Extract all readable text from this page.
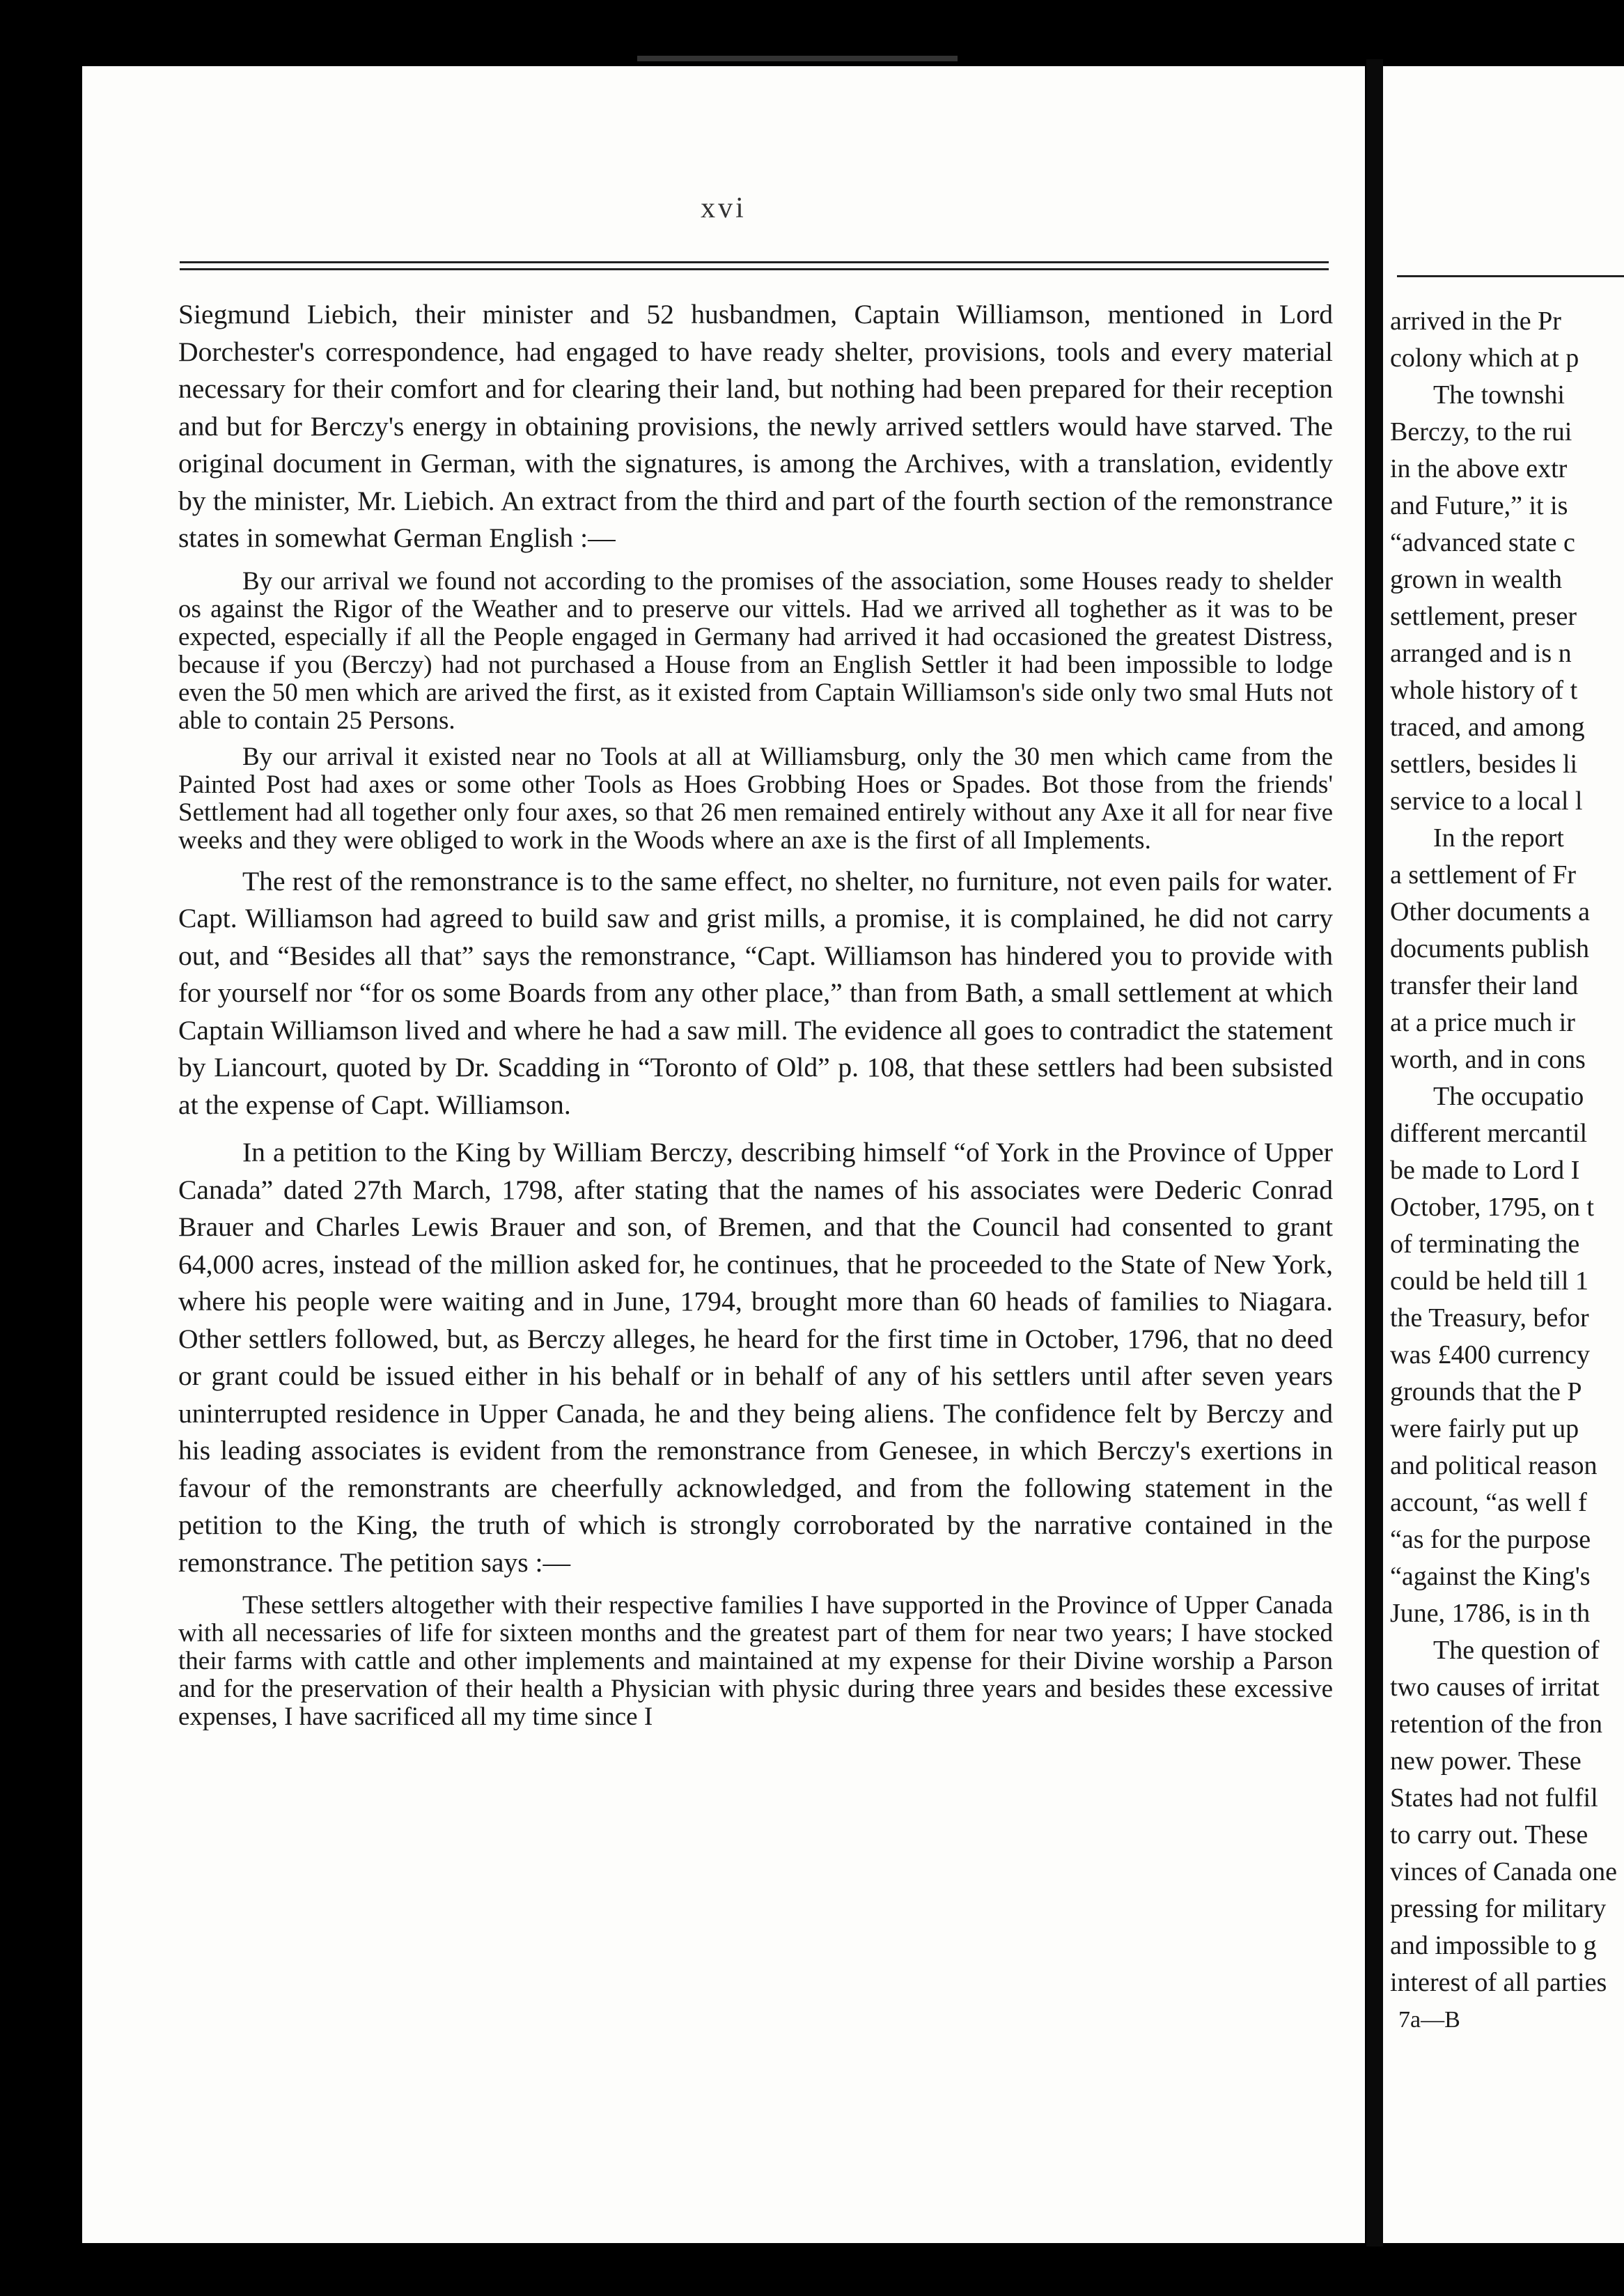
xvi

Siegmund Liebich, their minister and 52 husbandmen, Captain Williamson, mentioned in Lord Dorchester's correspondence, had engaged to have ready shelter, provisions, tools and every material necessary for their comfort and for clearing their land, but nothing had been prepared for their reception and but for Berczy's energy in obtaining provisions, the newly arrived settlers would have starved. The original document in German, with the signatures, is among the Archives, with a translation, evidently by the minister, Mr. Liebich. An extract from the third and part of the fourth section of the remonstrance states in somewhat German English :—

By our arrival we found not according to the promises of the association, some Houses ready to shelder os against the Rigor of the Weather and to preserve our vittels. Had we arrived all toghether as it was to be expected, especially if all the People engaged in Germany had arrived it had occasioned the greatest Distress, because if you (Berczy) had not purchased a House from an English Settler it had been impossible to lodge even the 50 men which are arived the first, as it existed from Captain Williamson's side only two smal Huts not able to contain 25 Persons.

By our arrival it existed near no Tools at all at Williamsburg, only the 30 men which came from the Painted Post had axes or some other Tools as Hoes Grobbing Hoes or Spades. Bot those from the friends' Settlement had all together only four axes, so that 26 men remained entirely without any Axe it all for near five weeks and they were obliged to work in the Woods where an axe is the first of all Implements.

The rest of the remonstrance is to the same effect, no shelter, no furniture, not even pails for water. Capt. Williamson had agreed to build saw and grist mills, a promise, it is complained, he did not carry out, and “Besides all that” says the remonstrance, “Capt. Williamson has hindered you to provide with for yourself nor “for os some Boards from any other place,” than from Bath, a small settlement at which Captain Williamson lived and where he had a saw mill. The evidence all goes to contradict the statement by Liancourt, quoted by Dr. Scadding in “Toronto of Old” p. 108, that these settlers had been subsisted at the expense of Capt. Williamson.

In a petition to the King by William Berczy, describing himself “of York in the Province of Upper Canada” dated 27th March, 1798, after stating that the names of his associates were Dederic Conrad Brauer and Charles Lewis Brauer and son, of Bremen, and that the Council had consented to grant 64,000 acres, instead of the million asked for, he continues, that he proceeded to the State of New York, where his people were waiting and in June, 1794, brought more than 60 heads of families to Niagara. Other settlers followed, but, as Berczy alleges, he heard for the first time in October, 1796, that no deed or grant could be issued either in his behalf or in behalf of any of his settlers until after seven years uninterrupted residence in Upper Canada, he and they being aliens. The confidence felt by Berczy and his leading associates is evident from the remonstrance from Genesee, in which Berczy's exertions in favour of the remonstrants are cheerfully acknowledged, and from the following statement in the petition to the King, the truth of which is strongly corroborated by the narrative contained in the remonstrance. The petition says :—

These settlers altogether with their respective families I have supported in the Province of Upper Canada with all necessaries of life for sixteen months and the greatest part of them for near two years; I have stocked their farms with cattle and other implements and maintained at my expense for their Divine worship a Parson and for the preservation of their health a Physician with physic during three years and besides these excessive expenses, I have sacrificed all my time since I

arrived in the Pr
colony which at p
The townshi
Berczy, to the rui
in the above extr
and Future,” it is
“advanced state c
grown in wealth
settlement, preser
arranged and is n
whole history of t
traced, and among
settlers, besides li
service to a local l
In the report
a settlement of Fr
Other documents a
documents publish
transfer their land
at a price much ir
worth, and in cons
The occupatio
different mercantil
be made to Lord I
October, 1795, on t
of terminating the
could be held till 1
the Treasury, befor
was £400 currency
grounds that the P
were fairly put up
and political reason
account, “as well f
“as for the purpose
“against the King's
June, 1786, is in th
The question of
two causes of irritat
retention of the fron
new power. These
States had not fulfil
to carry out. These
vinces of Canada one
pressing for military
and impossible to g
interest of all parties
7a—B
